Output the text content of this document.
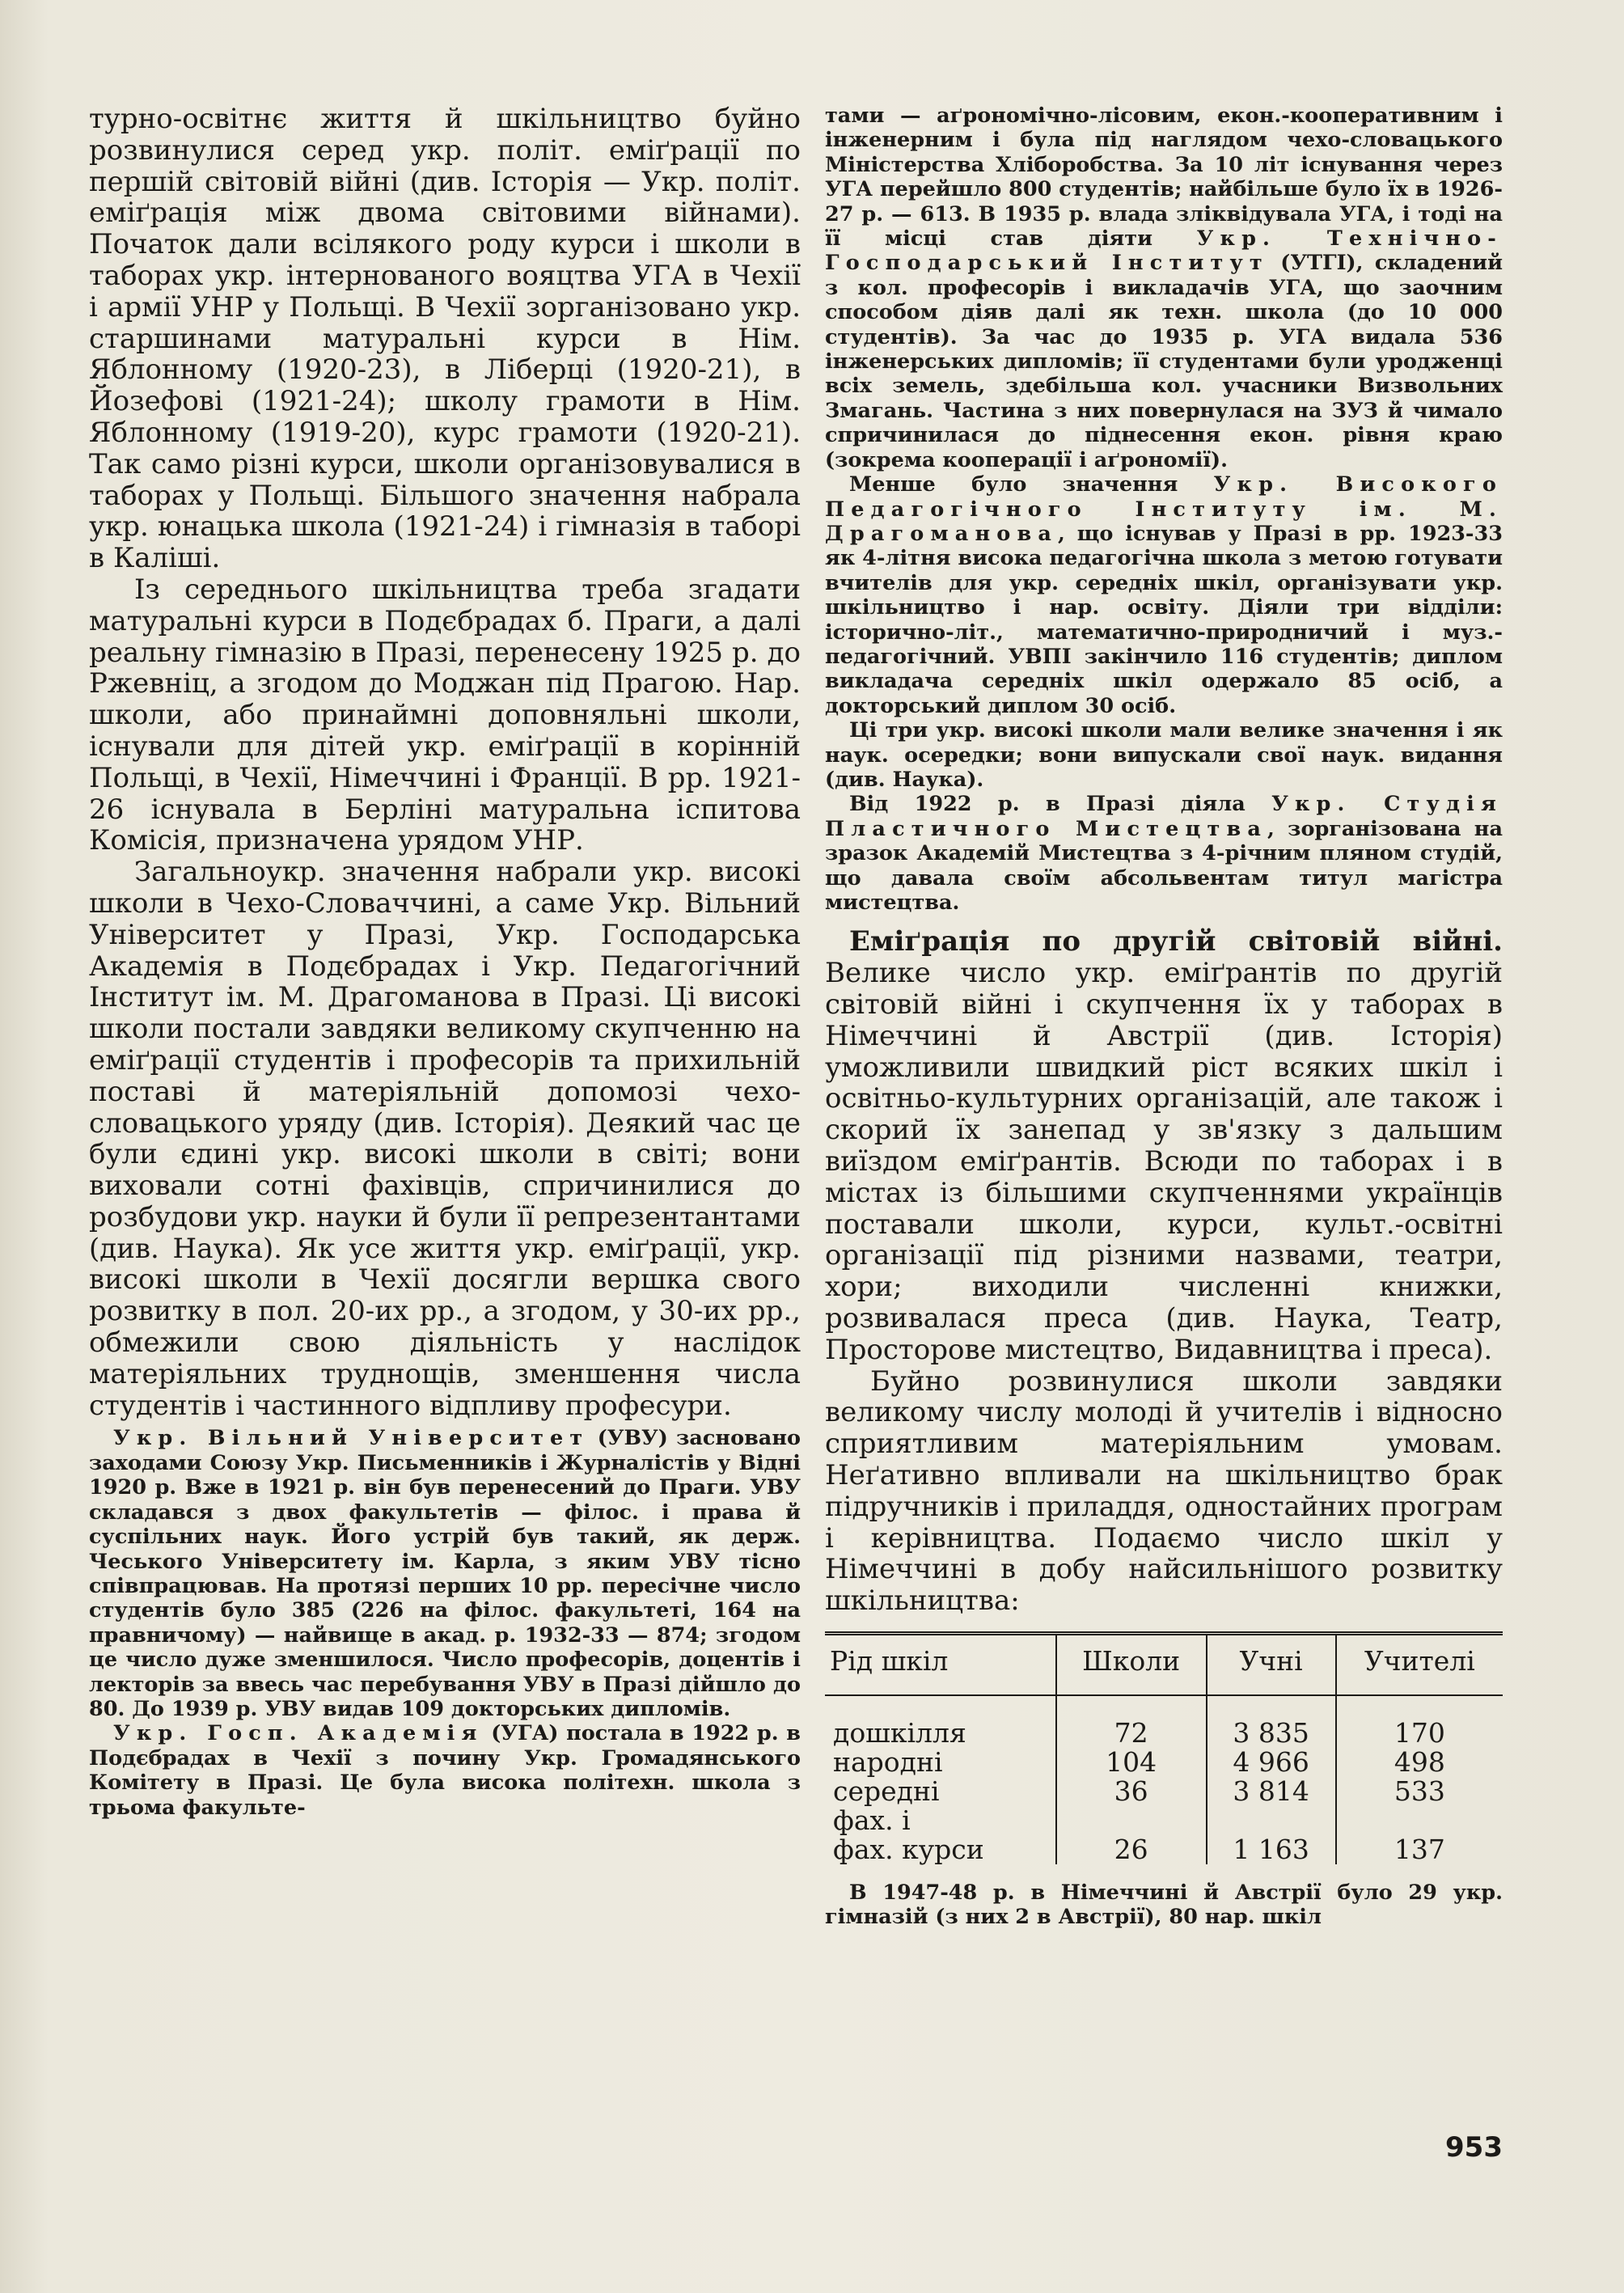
турно-освітнє життя й шкільництво буйно розвинулися серед укр. політ. еміґрації по першій світовій війні (див. Історія — Укр. політ. еміґрація між двома світовими війнами). Початок дали всілякого роду курси і школи в таборах укр. інтернованого вояцтва УГА в Чехії і армії УНР у Польщі. В Чехії зорганізовано укр. старшинами матуральні курси в Нім. Яблонному (1920-23), в Ліберці (1920-21), в Йозефові (1921-24); школу грамоти в Нім. Яблонному (1919-20), курс грамоти (1920-21). Так само різні курси, школи організовувалися в таборах у Польщі. Більшого значення набрала укр. юнацька школа (1921-24) і гімназія в таборі в Каліші.

Із середнього шкільництва треба згадати матуральні курси в Подєбрадах б. Праги, а далі реальну гімназію в Празі, перенесену 1925 р. до Ржевніц, а згодом до Моджан під Прагою. Нар. школи, або принаймні доповняльні школи, існували для дітей укр. еміґрації в корінній Польщі, в Чехії, Німеччині і Франції. В рр. 1921-26 існувала в Берліні матуральна іспитова Комісія, призначена урядом УНР.

Загальноукр. значення набрали укр. високі школи в Чехо-Словаччині, а саме Укр. Вільний Університет у Празі, Укр. Господарська Академія в Подєбрадах і Укр. Педагогічний Інститут ім. М. Драгоманова в Празі. Ці високі школи постали завдяки великому скупченню на еміґрації студентів і професорів та прихильній поставі й матеріяльній допомозі чехо-словацького уряду (див. Історія). Деякий час це були єдині укр. високі школи в світі; вони виховали сотні фахівців, спричинилися до розбудови укр. науки й були її репрезентантами (див. Наука). Як усе життя укр. еміґрації, укр. високі школи в Чехії досягли вершка свого розвитку в пол. 20-их рр., а згодом, у 30-их рр., обмежили свою діяльність у наслідок матеріяльних труднощів, зменшення числа студентів і частинного відпливу професури.

Укр. Вільний Університет (УВУ) засновано заходами Союзу Укр. Письменників і Журналістів у Відні 1920 р. Вже в 1921 р. він був перенесений до Праги. УВУ складався з двох факультетів — філос. і права й суспільних наук. Його устрій був такий, як держ. Чеського Університету ім. Карла, з яким УВУ тісно співпрацював. На протязі перших 10 рр. пересічне число студентів було 385 (226 на філос. факультеті, 164 на правничому) — найвище в акад. р. 1932-33 — 874; згодом це число дуже зменшилося. Число професорів, доцентів і лекторів за ввесь час перебування УВУ в Празі дійшло до 80. До 1939 р. УВУ видав 109 докторських дипломів.

Укр. Госп. Академія (УГА) постала в 1922 р. в Подєбрадах в Чехії з почину Укр. Громадянського Комітету в Празі. Це була висока політехн. школа з трьома факульте-

тами — аґрономічно-лісовим, екон.-кооперативним і інженерним і була під наглядом чехо-словацького Міністерства Хліборобства. За 10 літ існування через УГА перейшло 800 студентів; найбільше було їх в 1926-27 р. — 613. В 1935 р. влада зліквідувала УГА, і тоді на її місці став діяти Укр. Технічно-Господарський Інститут (УТГІ), складений з кол. професорів і викладачів УГА, що заочним способом діяв далі як техн. школа (до 10 000 студентів). За час до 1935 р. УГА видала 536 інженерських дипломів; її студентами були уродженці всіх земель, здебільша кол. учасники Визвольних Змагань. Частина з них повернулася на ЗУЗ й чимало спричинилася до піднесення екон. рівня краю (зокрема кооперації і аґрономії).

Менше було значення Укр. Високого Педагогічного Інституту ім. М. Драгоманова, що існував у Празі в рр. 1923-33 як 4-літня висока педагогічна школа з метою готувати вчителів для укр. середніх шкіл, організувати укр. шкільництво і нар. освіту. Діяли три відділи: історично-літ., математично-природничий і муз.-педагогічний. УВПІ закінчило 116 студентів; диплом викладача середніх шкіл одержало 85 осіб, а докторський диплом 30 осіб.

Ці три укр. високі школи мали велике значення і як наук. осередки; вони випускали свої наук. видання (див. Наука).

Від 1922 р. в Празі діяла Укр. Студія Пластичного Мистецтва, зорганізована на зразок Академій Мистецтва з 4-річним пляном студій, що давала своїм абсольвентам титул магістра мистецтва.

Еміґрація по другій світовій війні. Велике число укр. еміґрантів по другій світовій війні і скупчення їх у таборах в Німеччині й Австрії (див. Історія) уможливили швидкий ріст всяких шкіл і освітньо-культурних організацій, але також і скорий їх занепад у зв'язку з дальшим виїздом еміґрантів. Всюди по таборах і в містах із більшими скупченнями українців поставали школи, курси, культ.-освітні організації під різними назвами, театри, хори; виходили численні книжки, розвивалася преса (див. Наука, Театр, Просторове мистецтво, Видавництва і преса).

Буйно розвинулися школи завдяки великому числу молоді й учителів і відносно сприятливим матеріяльним умовам. Неґативно впливали на шкільництво брак підручників і приладдя, одностайних програм і керівництва. Подаємо число шкіл у Німеччині в добу найсильнішого розвитку шкільництва:

Рід шкіл	Школи	Учні	Учителі
дошкілля	72	3 835	170
народні	104	4 966	498
середні	36	3 814	533
фах. і			
фах. курси	26	1 163	137

В 1947-48 р. в Німеччині й Австрії було 29 укр. гімназій (з них 2 в Австрії), 80 нар. шкіл

953
